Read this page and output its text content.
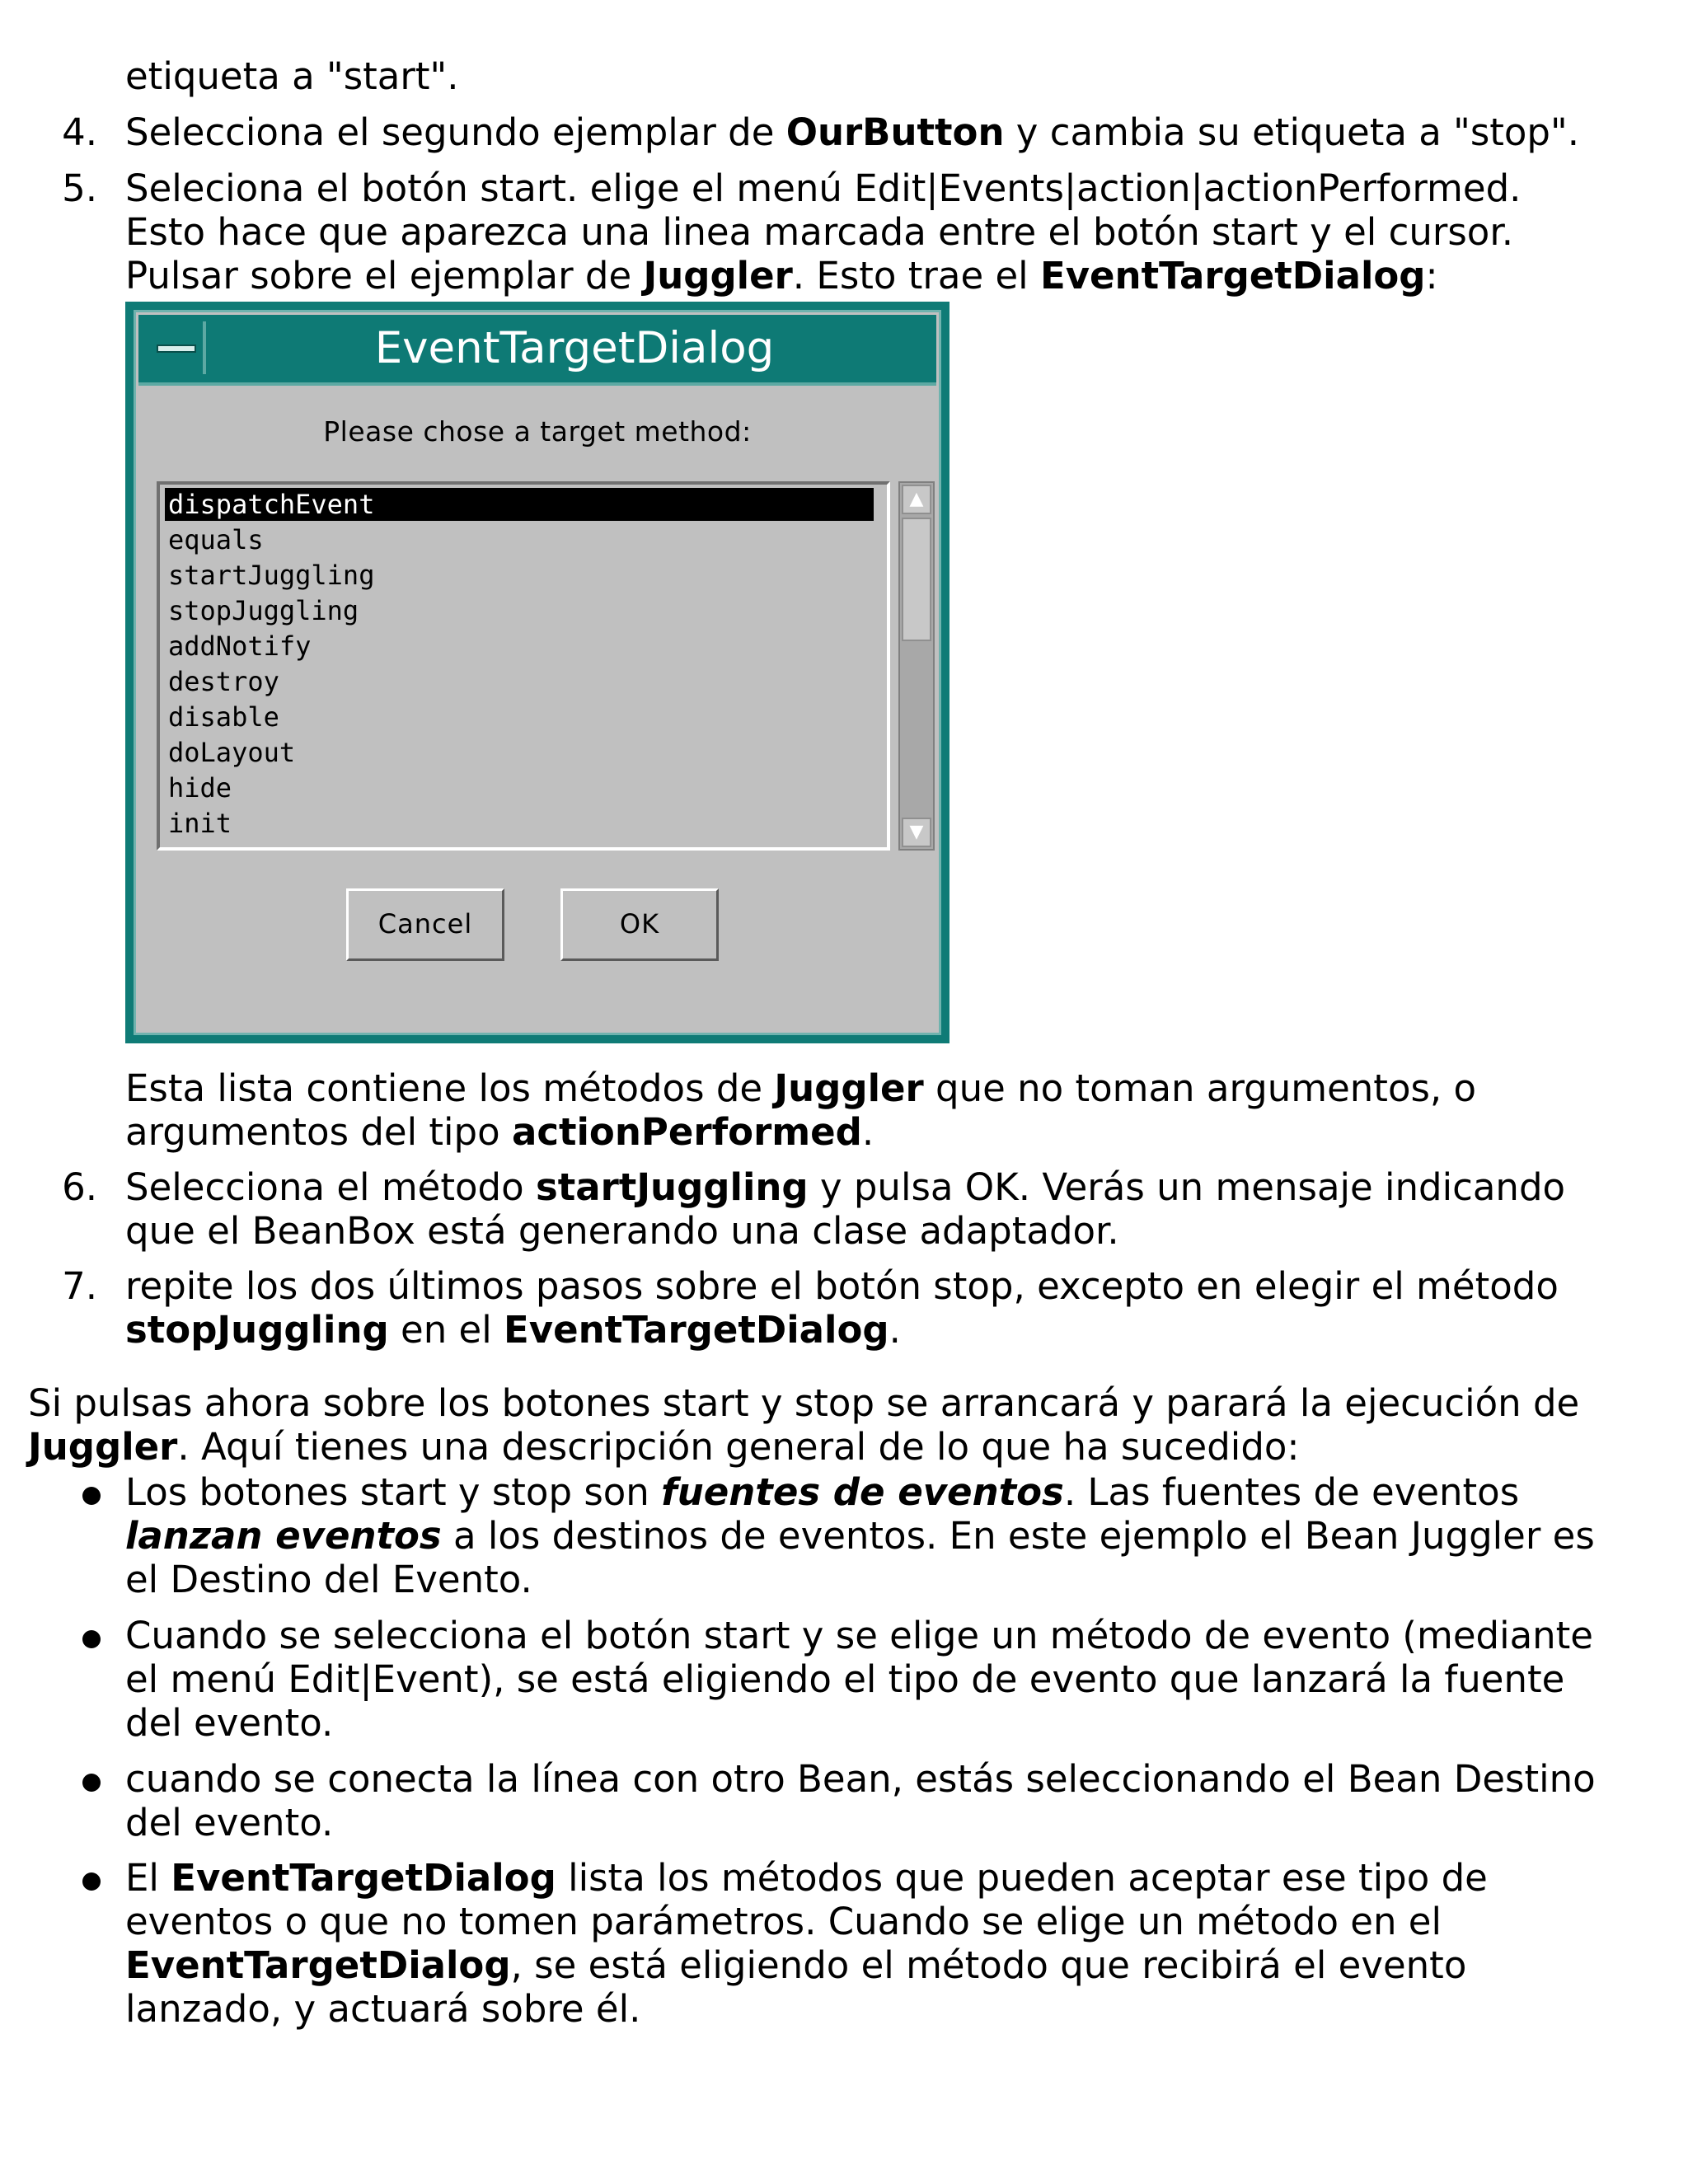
etiqueta a "start".
4. Selecciona el segundo ejemplar de OurButton y cambia su etiqueta a "stop".
5. Seleciona el botón start. elige el menú Edit|Events|action|actionPerformed.
Esto hace que aparezca una linea marcada entre el botón start y el cursor.
Pulsar sobre el ejemplar de Juggler. Esto trae el EventTargetDialog:
EventTargetDialog
Please chose a target method:
dispatchEvent
equals
startJuggling
stopJuggling
addNotify
destroy
disable
doLayout
hide
init
▲
▼
Cancel	OK
Esta lista contiene los métodos de Juggler que no toman argumentos, o
argumentos del tipo actionPerformed.
6. Selecciona el método startJuggling y pulsa OK. Verás un mensaje indicando
que el BeanBox está generando una clase adaptador.
7. repite los dos últimos pasos sobre el botón stop, excepto en elegir el método
stopJuggling en el EventTargetDialog.
Si pulsas ahora sobre los botones start y stop se arrancará y parará la ejecución de
Juggler. Aquí tienes una descripción general de lo que ha sucedido:
Los botones start y stop son fuentes de eventos. Las fuentes de eventos
lanzan eventos a los destinos de eventos. En este ejemplo el Bean Juggler es
el Destino del Evento.
Cuando se selecciona el botón start y se elige un método de evento (mediante
el menú Edit|Event), se está eligiendo el tipo de evento que lanzará la fuente
del evento.
cuando se conecta la línea con otro Bean, estás seleccionando el Bean Destino
del evento.
El EventTargetDialog lista los métodos que pueden aceptar ese tipo de
eventos o que no tomen parámetros. Cuando se elige un método en el
EventTargetDialog, se está eligiendo el método que recibirá el evento
lanzado, y actuará sobre él.
